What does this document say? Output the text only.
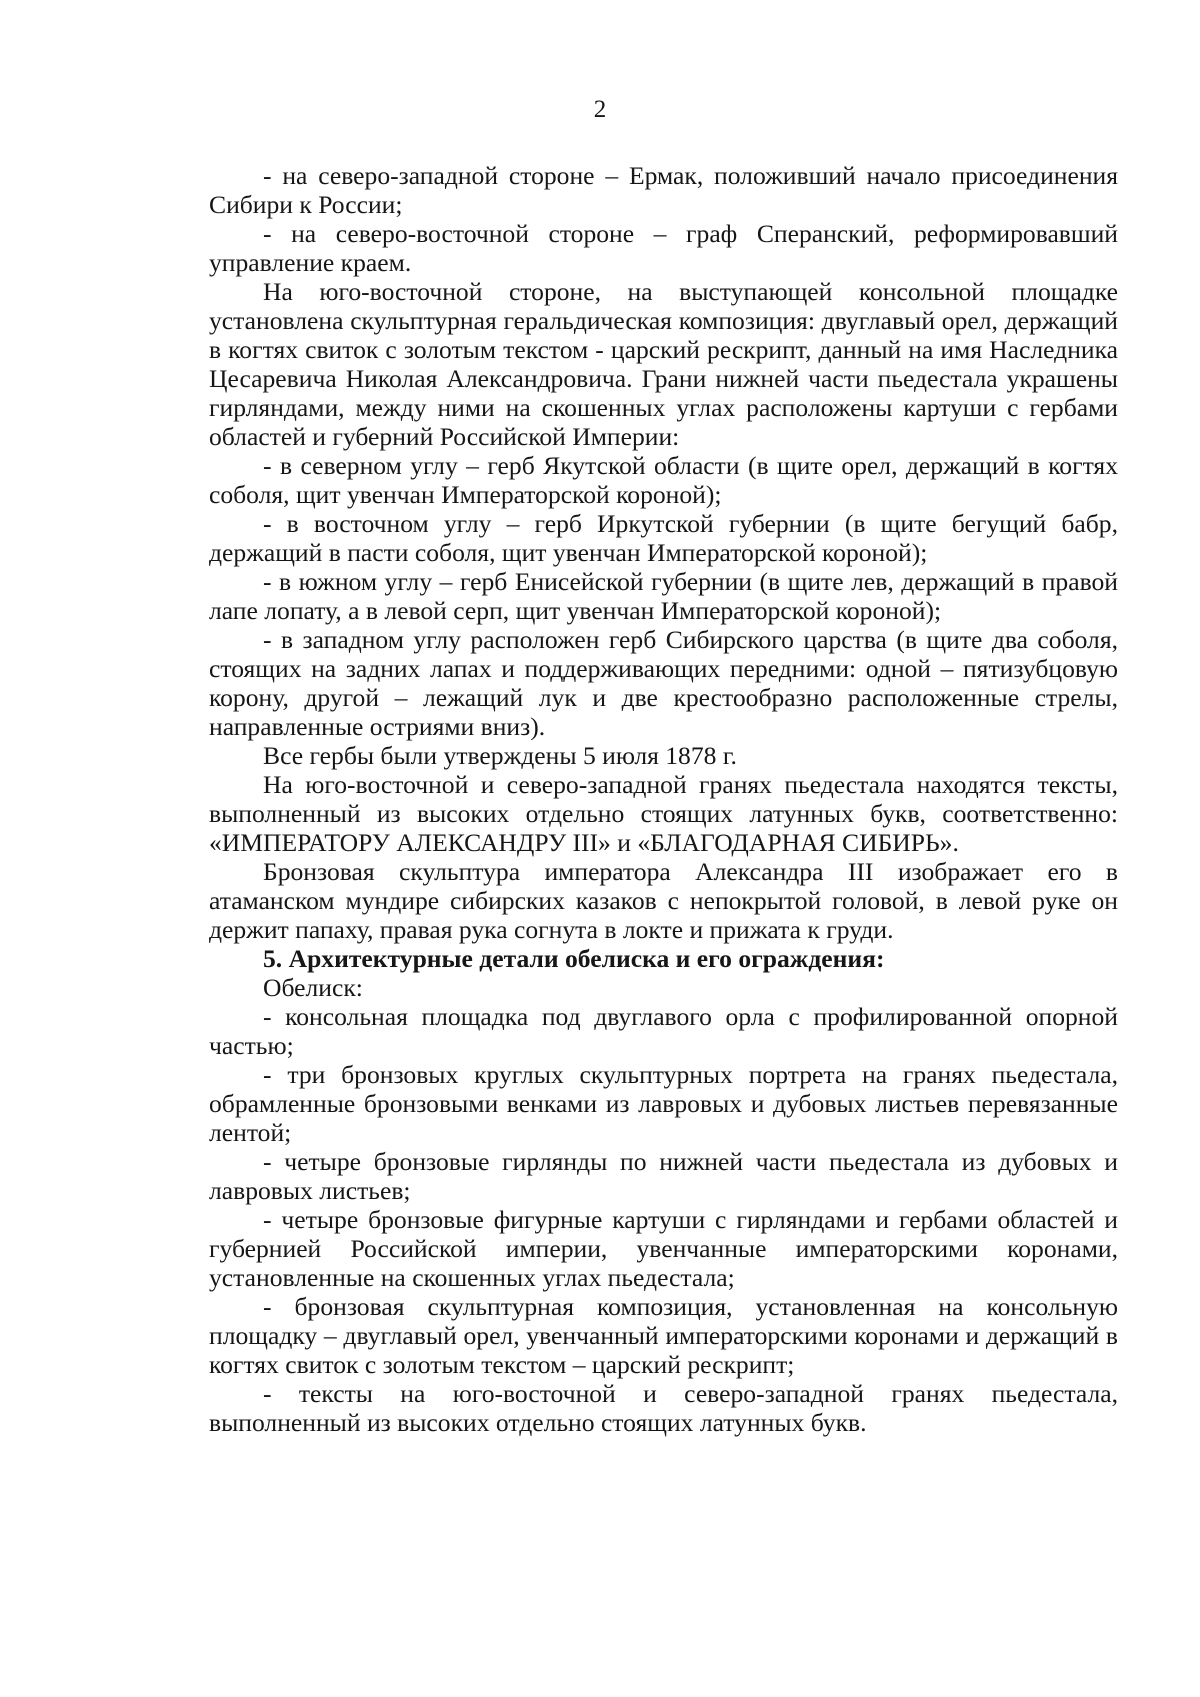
2

- на северо-западной стороне – Ермак, положивший начало присоединения Сибири к России;

- на северо-восточной стороне – граф Сперанский, реформировавший управление краем.

На юго-восточной стороне, на выступающей консольной площадке установлена скульптурная геральдическая композиция: двуглавый орел, держащий в когтях свиток с золотым текстом - царский рескрипт, данный на имя Наследника Цесаревича Николая Александровича. Грани нижней части пьедестала украшены гирляндами, между ними на скошенных углах расположены картуши с гербами областей и губерний Российской Империи:

- в северном углу – герб Якутской области (в щите орел, держащий в когтях соболя, щит увенчан Императорской короной);

- в восточном углу – герб Иркутской губернии (в щите бегущий бабр, держащий в пасти соболя, щит увенчан Императорской короной);

- в южном углу – герб Енисейской губернии (в щите лев, держащий в правой лапе лопату, а в левой серп, щит увенчан Императорской короной);

- в западном углу расположен герб Сибирского царства (в щите два соболя, стоящих на задних лапах и поддерживающих передними: одной – пятизубцовую корону, другой – лежащий лук и две крестообразно расположенные стрелы, направленные остриями вниз).

Все гербы были утверждены 5 июля 1878 г.

На юго-восточной и северо-западной гранях пьедестала находятся тексты, выполненный из высоких отдельно стоящих латунных букв, соответственно: «ИМПЕРАТОРУ АЛЕКСАНДРУ III» и «БЛАГОДАРНАЯ СИБИРЬ».

Бронзовая скульптура императора Александра III изображает его в атаманском мундире сибирских казаков с непокрытой головой, в левой руке он держит папаху, правая рука согнута в локте и прижата к груди.

5. Архитектурные детали обелиска и его ограждения:

Обелиск:

- консольная площадка под двуглавого орла с профилированной опорной частью;

- три бронзовых круглых скульптурных портрета на гранях пьедестала, обрамленные бронзовыми венками из лавровых и дубовых листьев перевязанные лентой;

- четыре бронзовые гирлянды по нижней части пьедестала из дубовых и лавровых листьев;

- четыре бронзовые фигурные картуши с гирляндами и гербами областей и губернией Российской империи, увенчанные императорскими коронами, установленные на скошенных углах пьедестала;

- бронзовая скульптурная композиция, установленная на консольную площадку – двуглавый орел, увенчанный императорскими коронами и держащий в когтях свиток с золотым текстом – царский рескрипт;

- тексты на юго-восточной и северо-западной гранях пьедестала, выполненный из высоких отдельно стоящих латунных букв.
